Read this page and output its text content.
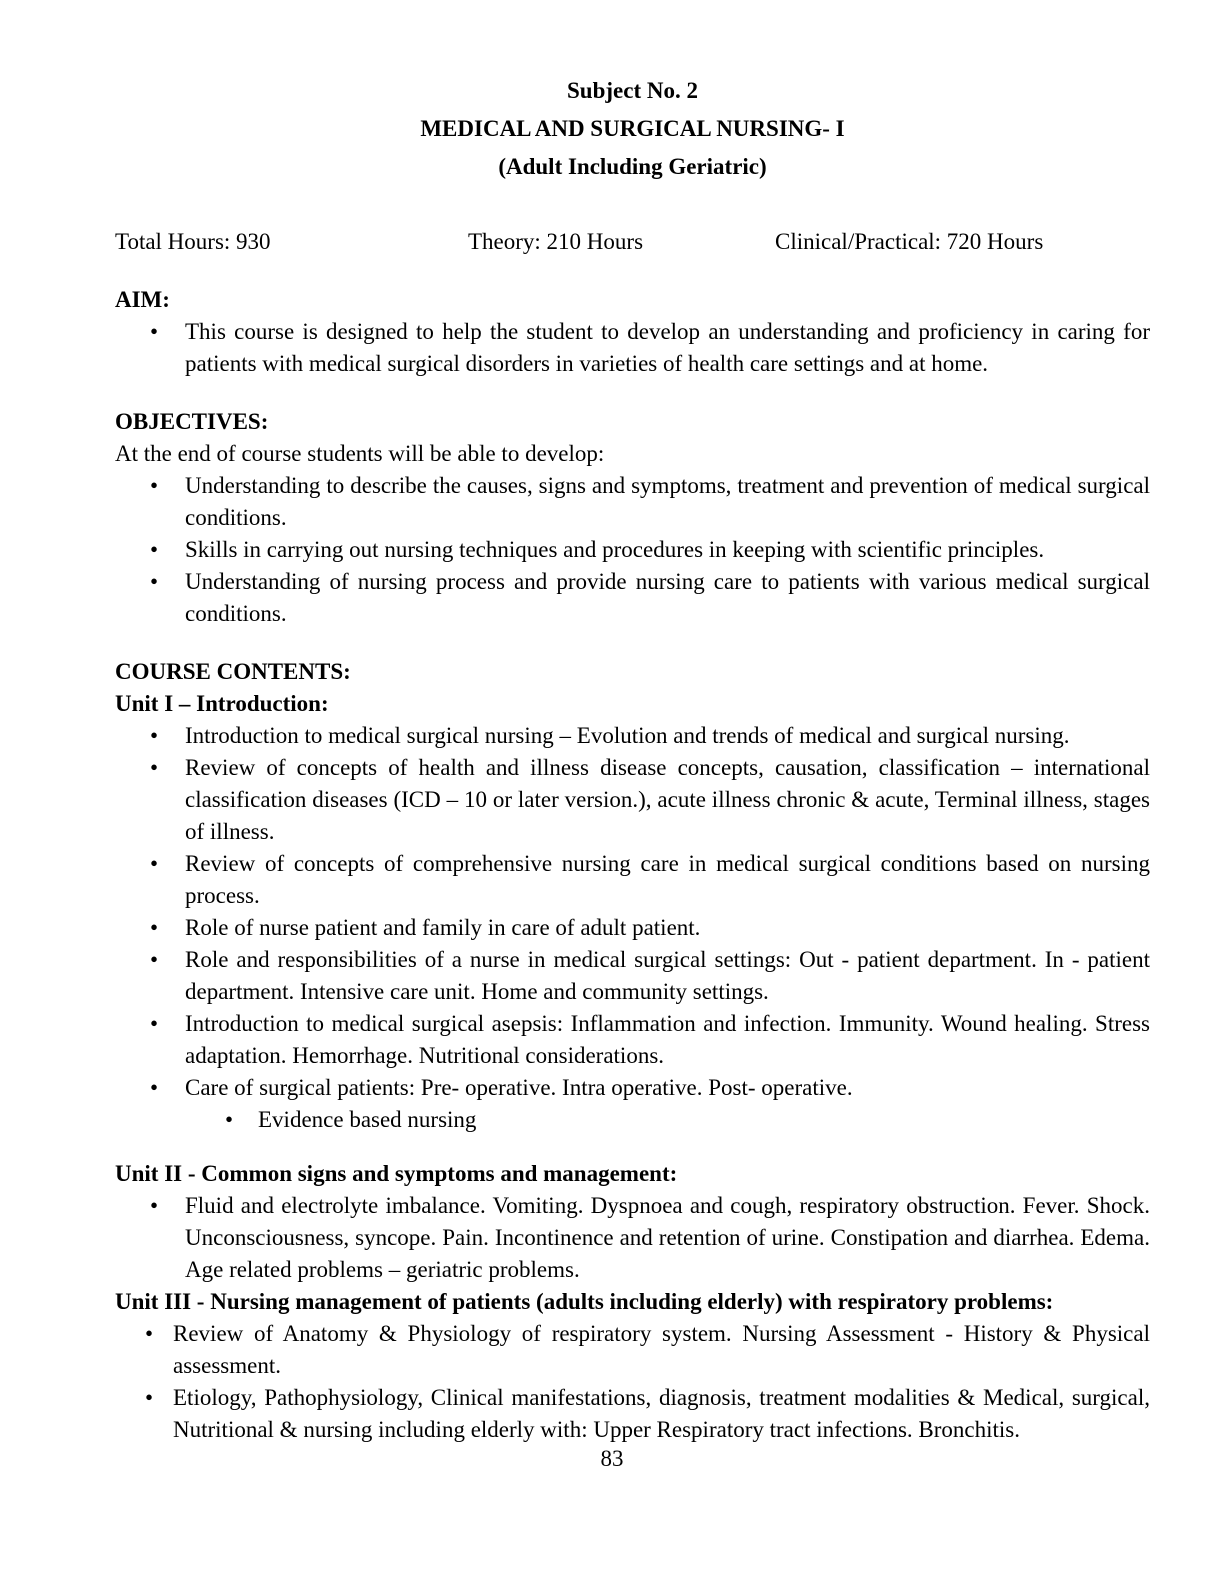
Subject No. 2
MEDICAL AND SURGICAL NURSING- I
(Adult Including Geriatric)
Total Hours: 930	Theory: 210 Hours	Clinical/Practical: 720 Hours
AIM:
•
This course is designed to help the student to develop an understanding and proficiency in caring for patients with medical surgical disorders in varieties of health care settings and at home.
OBJECTIVES:
At the end of course students will be able to develop:
•
Understanding to describe the causes, signs and symptoms, treatment and prevention of medical surgical conditions.
•
Skills in carrying out nursing techniques and procedures in keeping with scientific principles.
•
Understanding of nursing process and provide nursing care to patients with various medical surgical conditions.
COURSE CONTENTS:
Unit I – Introduction:
•
Introduction to medical surgical nursing – Evolution and trends of medical and surgical nursing.
•
Review of concepts of health and illness disease concepts, causation, classification – international classification diseases (ICD – 10 or later version.), acute illness chronic & acute, Terminal illness, stages of illness.
•
Review of concepts of comprehensive nursing care in medical surgical conditions based on nursing process.
•
Role of nurse patient and family in care of adult patient.
•
Role and responsibilities of a nurse in medical surgical settings: Out - patient department. In - patient department. Intensive care unit. Home and community settings.
•
Introduction to medical surgical asepsis: Inflammation and infection. Immunity. Wound healing. Stress adaptation. Hemorrhage. Nutritional considerations.
•
Care of surgical patients: Pre- operative. Intra operative. Post- operative.
•
Evidence based nursing
Unit II - Common signs and symptoms and management:
•
Fluid and electrolyte imbalance. Vomiting. Dyspnoea and cough, respiratory obstruction. Fever. Shock. Unconsciousness, syncope. Pain. Incontinence and retention of urine. Constipation and diarrhea. Edema. Age related problems – geriatric problems.
Unit III - Nursing management of patients (adults including elderly) with respiratory problems:
•
Review of Anatomy & Physiology of respiratory system. Nursing Assessment - History & Physical assessment.
•
Etiology, Pathophysiology, Clinical manifestations, diagnosis, treatment modalities & Medical, surgical, Nutritional & nursing including elderly with: Upper Respiratory tract infections. Bronchitis.
83
